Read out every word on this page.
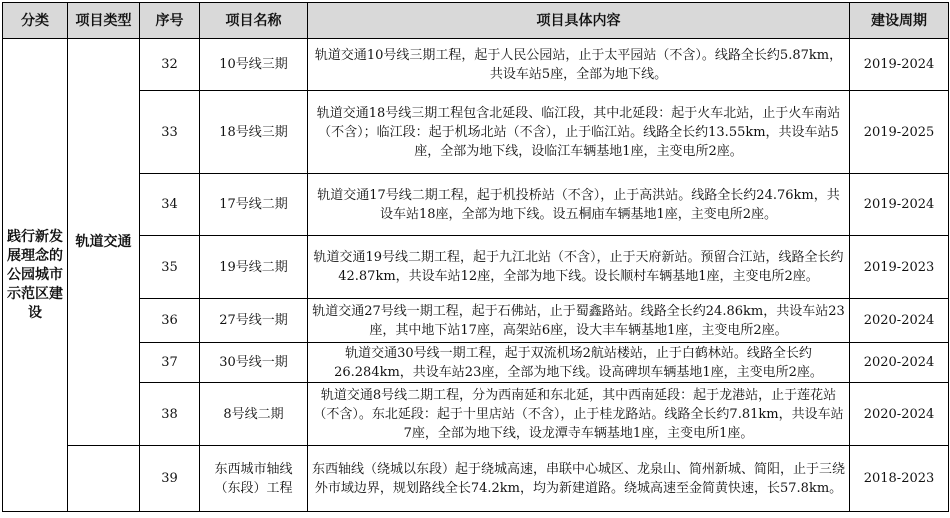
分类	项目类型	序号	项目名称	项目具体内容	建设周期
践行新发展理念的公园城市示范区建设	轨道交通	32	10号线三期	轨道交通10号线三期工程，起于人民公园站，止于太平园站（不含）。线路全长约5.87km，共设车站5座，全部为地下线。	2019-2024
		33	18号线三期	轨道交通18号线三期工程包含北延段、临江段，其中北延段：起于火车北站，止于火车南站（不含）；临江段：起于机场北站（不含），止于临江站。线路全长约13.55km，共设车站5座，全部为地下线，设临江车辆基地1座，主变电所2座。	2019-2025
		34	17号线二期	轨道交通17号线二期工程，起于机投桥站（不含），止于高洪站。线路全长约24.76km，共设车站18座，全部为地下线。设五桐庙车辆基地1座，主变电所2座。	2019-2024
		35	19号线二期	轨道交通19号线二期工程，起于九江北站（不含），止于天府新站。预留合江站，线路全长约42.87km，共设车站12座，全部为地下线。设长顺村车辆基地1座，主变电所2座。	2019-2023
		36	27号线一期	轨道交通27号线一期工程，起于石佛站，止于蜀鑫路站。线路全长约24.86km，共设车站23座，其中地下站17座，高架站6座，设大丰车辆基地1座，主变电所2座。	2020-2024
		37	30号线一期	轨道交通30号线一期工程，起于双流机场2航站楼站，止于白鹤林站。线路全长约26.284km，共设车站23座，全部为地下线。设高碑坝车辆基地1座，主变电所2座。	2020-2024
		38	8号线二期	轨道交通8号线二期工程，分为西南延和东北延，其中西南延段：起于龙港站，止于莲花站（不含）。东北延段：起于十里店站（不含），止于桂龙路站。线路全长约7.81km，共设车站7座，全部为地下线，设龙潭寺车辆基地1座，主变电所1座。	2020-2024
		39	东西城市轴线（东段）工程	东西轴线（绕城以东段）起于绕城高速，串联中心城区、龙泉山、简州新城、简阳，止于三绕外市域边界，规划路线全长74.2km，均为新建道路。绕城高速至金简黄快速，长57.8km。	2018-2023
